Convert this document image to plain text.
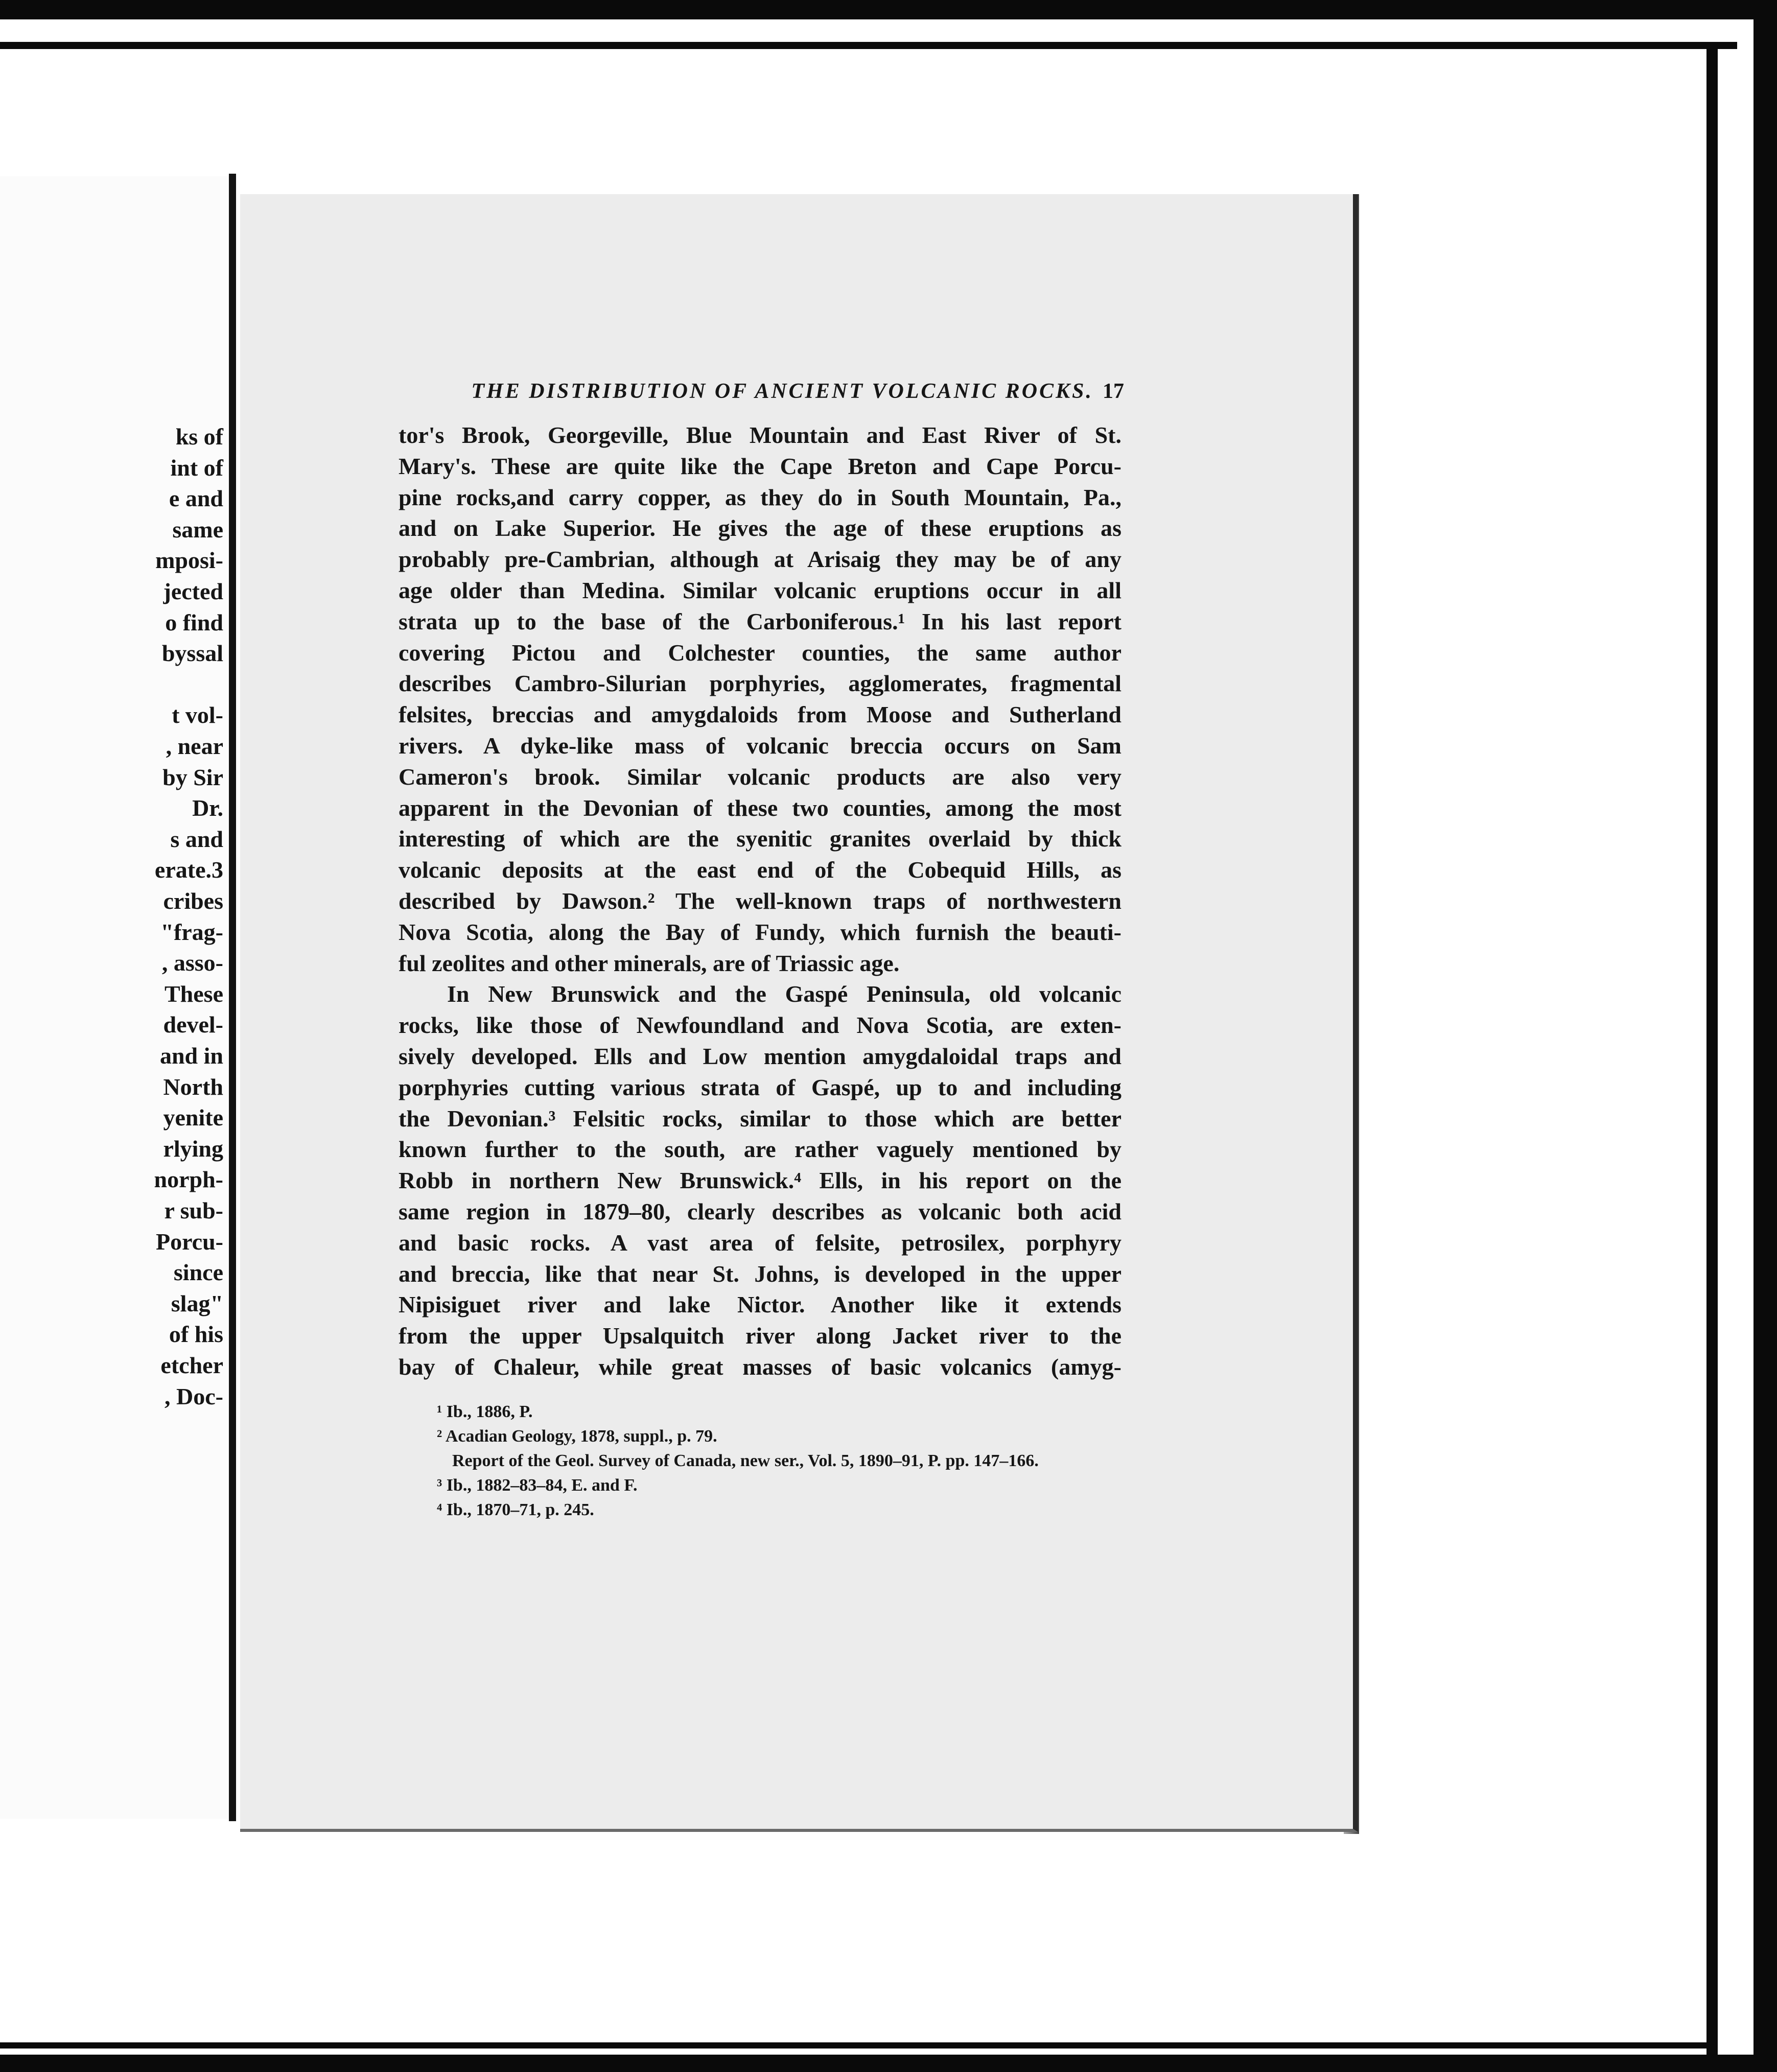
ks of
int of
e and
same
mposi-
jected
o find
byssal
t vol-
, near
by Sir
Dr.
s and
erate.3
cribes
"frag-
, asso-
These
devel-
and in
North
yenite
rlying
norph-
r sub-
Porcu-
since
slag"
of his
etcher
, Doc-
THE DISTRIBUTION OF ANCIENT VOLCANIC ROCKS. 17
tor's Brook, Georgeville, Blue Mountain and East River of St.
Mary's. These are quite like the Cape Breton and Cape Porcu-
pine rocks,and carry copper, as they do in South Mountain, Pa.,
and on Lake Superior. He gives the age of these eruptions as
probably pre-Cambrian, although at Arisaig they may be of any
age older than Medina. Similar volcanic eruptions occur in all
strata up to the base of the Carboniferous.¹ In his last report
covering Pictou and Colchester counties, the same author
describes Cambro-Silurian porphyries, agglomerates, fragmental
felsites, breccias and amygdaloids from Moose and Sutherland
rivers. A dyke-like mass of volcanic breccia occurs on Sam
Cameron's brook. Similar volcanic products are also very
apparent in the Devonian of these two counties, among the most
interesting of which are the syenitic granites overlaid by thick
volcanic deposits at the east end of the Cobequid Hills, as
described by Dawson.² The well-known traps of northwestern
Nova Scotia, along the Bay of Fundy, which furnish the beauti-
ful zeolites and other minerals, are of Triassic age.
In New Brunswick and the Gaspé Peninsula, old volcanic
rocks, like those of Newfoundland and Nova Scotia, are exten-
sively developed. Ells and Low mention amygdaloidal traps and
porphyries cutting various strata of Gaspé, up to and including
the Devonian.³ Felsitic rocks, similar to those which are better
known further to the south, are rather vaguely mentioned by
Robb in northern New Brunswick.⁴ Ells, in his report on the
same region in 1879–80, clearly describes as volcanic both acid
and basic rocks. A vast area of felsite, petrosilex, porphyry
and breccia, like that near St. Johns, is developed in the upper
Nipisiguet river and lake Nictor. Another like it extends
from the upper Upsalquitch river along Jacket river to the
bay of Chaleur, while great masses of basic volcanics (amyg-
¹ Ib., 1886, P.
² Acadian Geology, 1878, suppl., p. 79.
Report of the Geol. Survey of Canada, new ser., Vol. 5, 1890–91, P. pp. 147–166.
³ Ib., 1882–83–84, E. and F.
⁴ Ib., 1870–71, p. 245.
